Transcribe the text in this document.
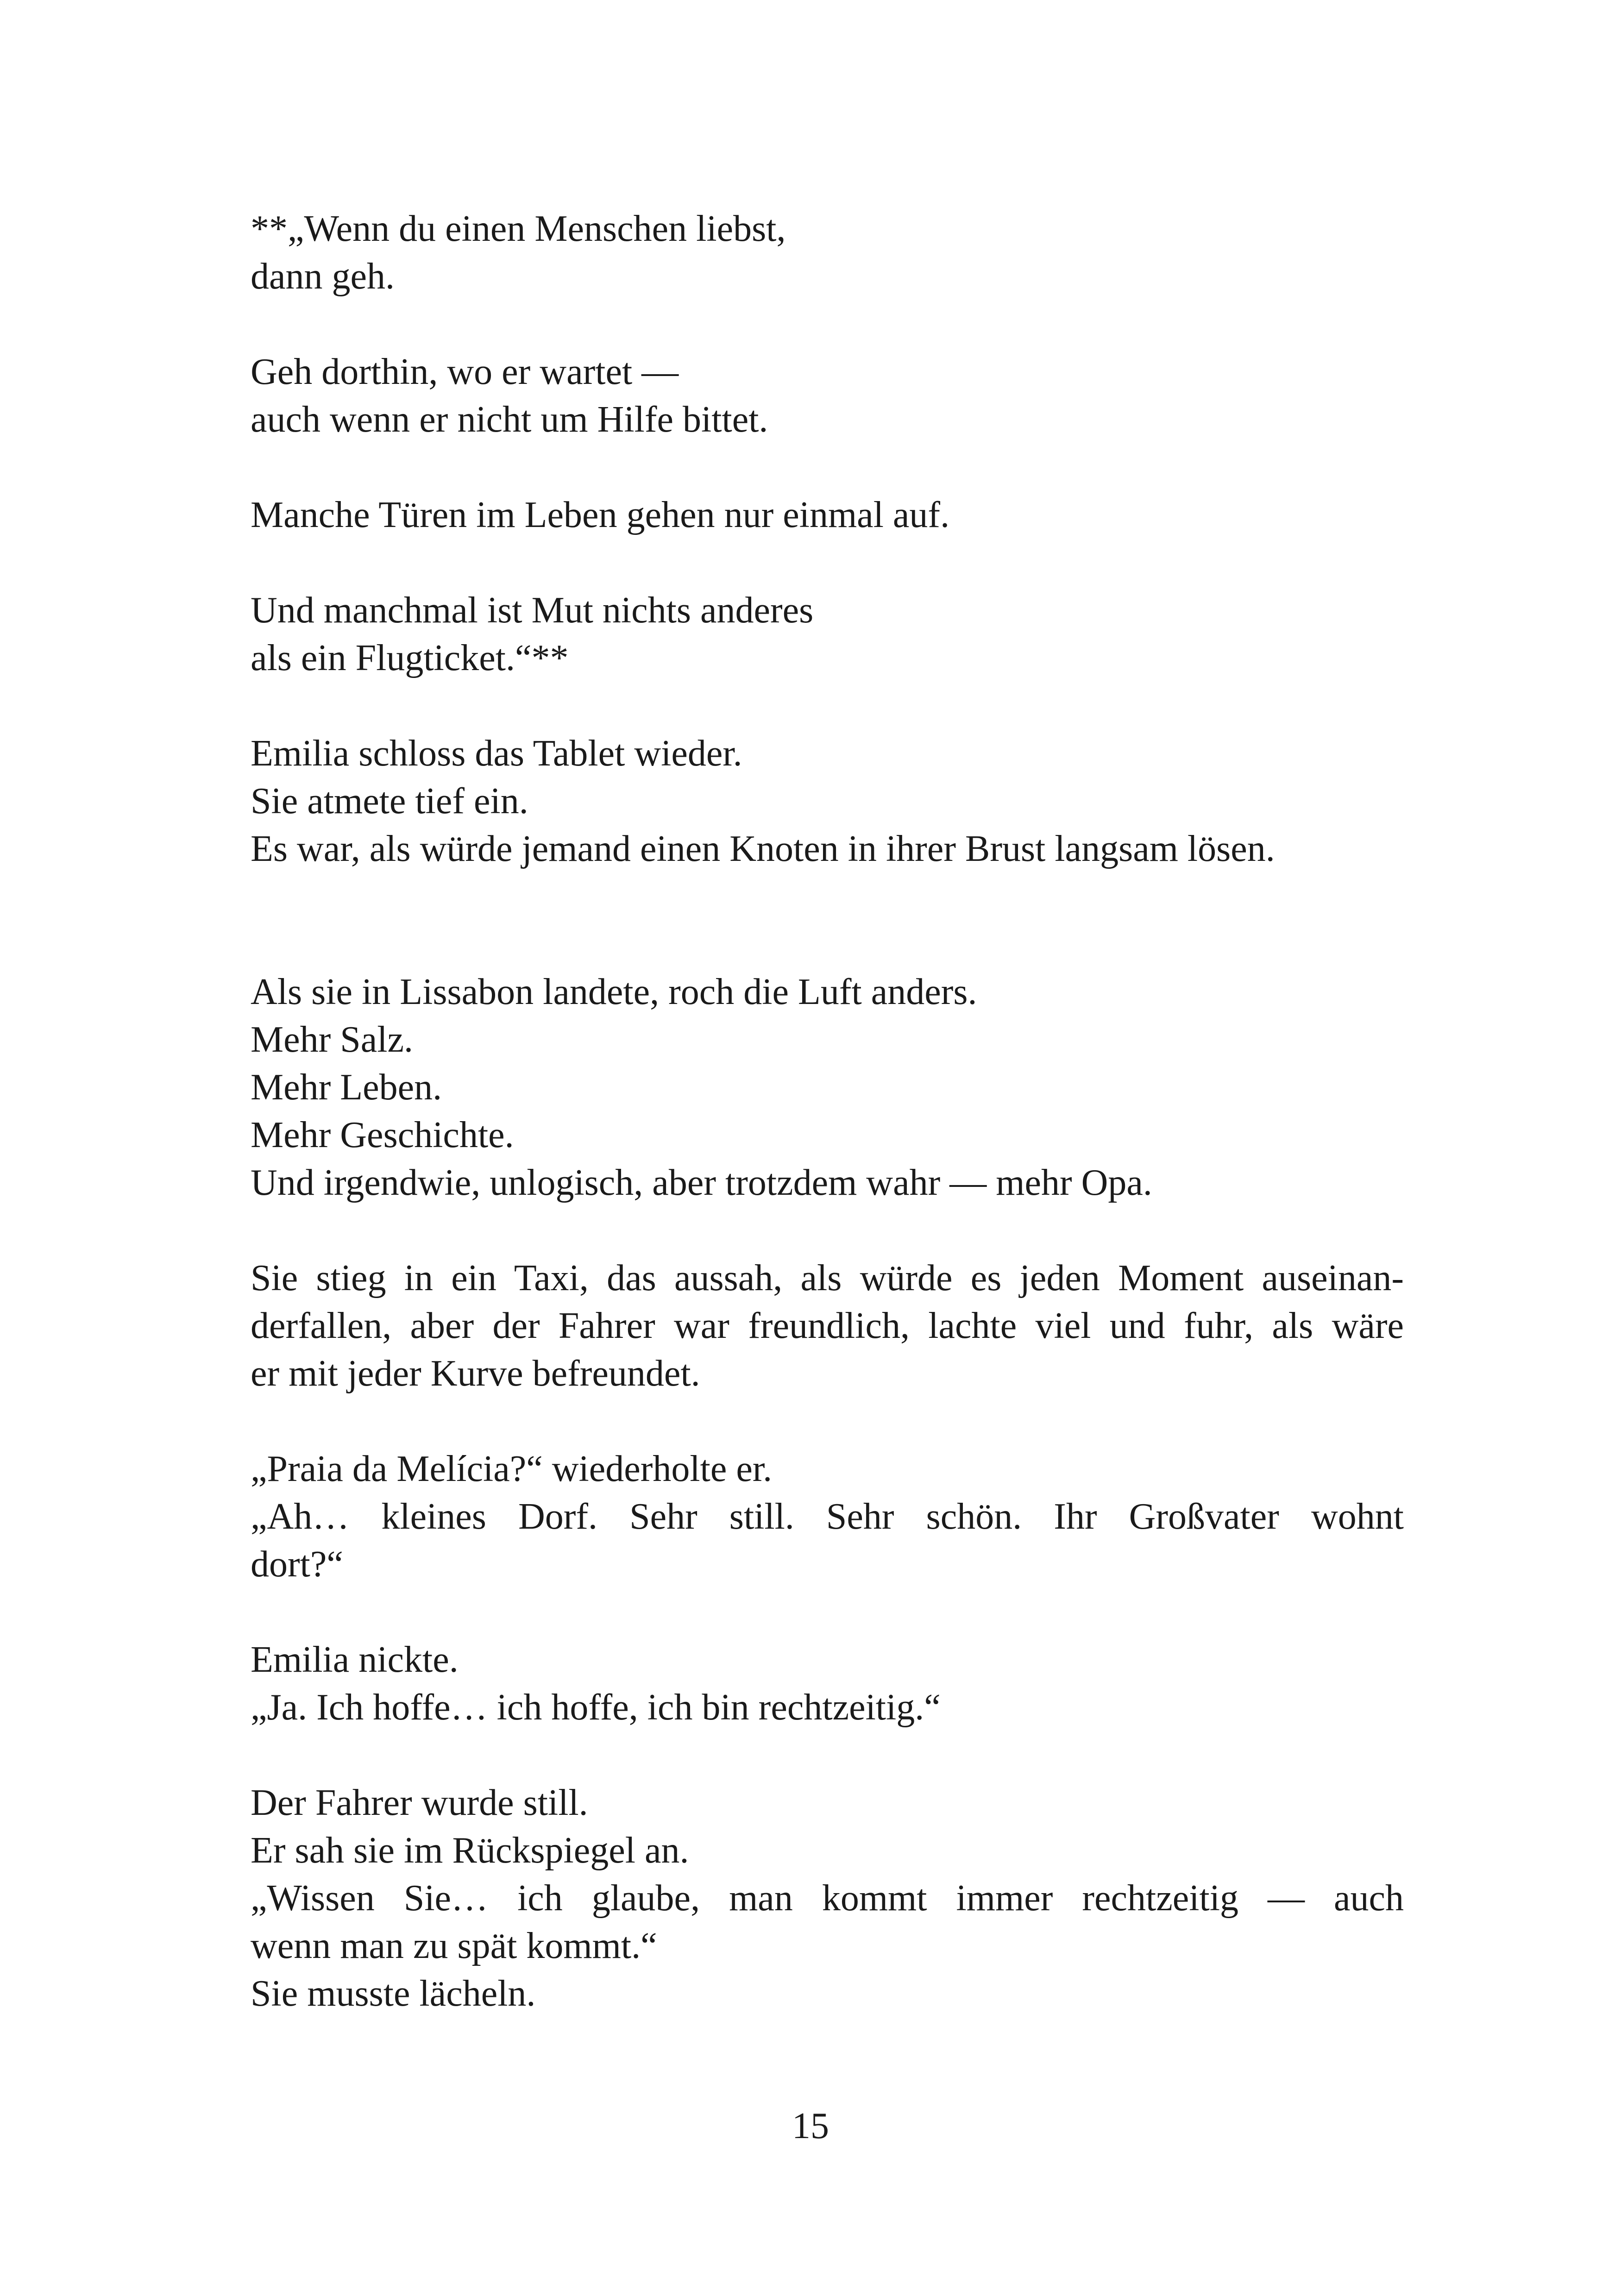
**„Wenn du einen Menschen liebst,
dann geh.
Geh dorthin, wo er wartet —
auch wenn er nicht um Hilfe bittet.
Manche Türen im Leben gehen nur einmal auf.
Und manchmal ist Mut nichts anderes
als ein Flugticket.“**
Emilia schloss das Tablet wieder.
Sie atmete tief ein.
Es war, als würde jemand einen Knoten in ihrer Brust langsam lösen.
Als sie in Lissabon landete, roch die Luft anders.
Mehr Salz.
Mehr Leben.
Mehr Geschichte.
Und irgendwie, unlogisch, aber trotzdem wahr — mehr Opa.
Sie stieg in ein Taxi, das aussah, als würde es jeden Moment auseinan-
derfallen, aber der Fahrer war freundlich, lachte viel und fuhr, als wäre
er mit jeder Kurve befreundet.
„Praia da Melícia?“ wiederholte er.
„Ah… kleines Dorf. Sehr still. Sehr schön. Ihr Großvater wohnt
dort?“
Emilia nickte.
„Ja. Ich hoffe… ich hoffe, ich bin rechtzeitig.“
Der Fahrer wurde still.
Er sah sie im Rückspiegel an.
„Wissen Sie… ich glaube, man kommt immer rechtzeitig — auch
wenn man zu spät kommt.“
Sie musste lächeln.
15
